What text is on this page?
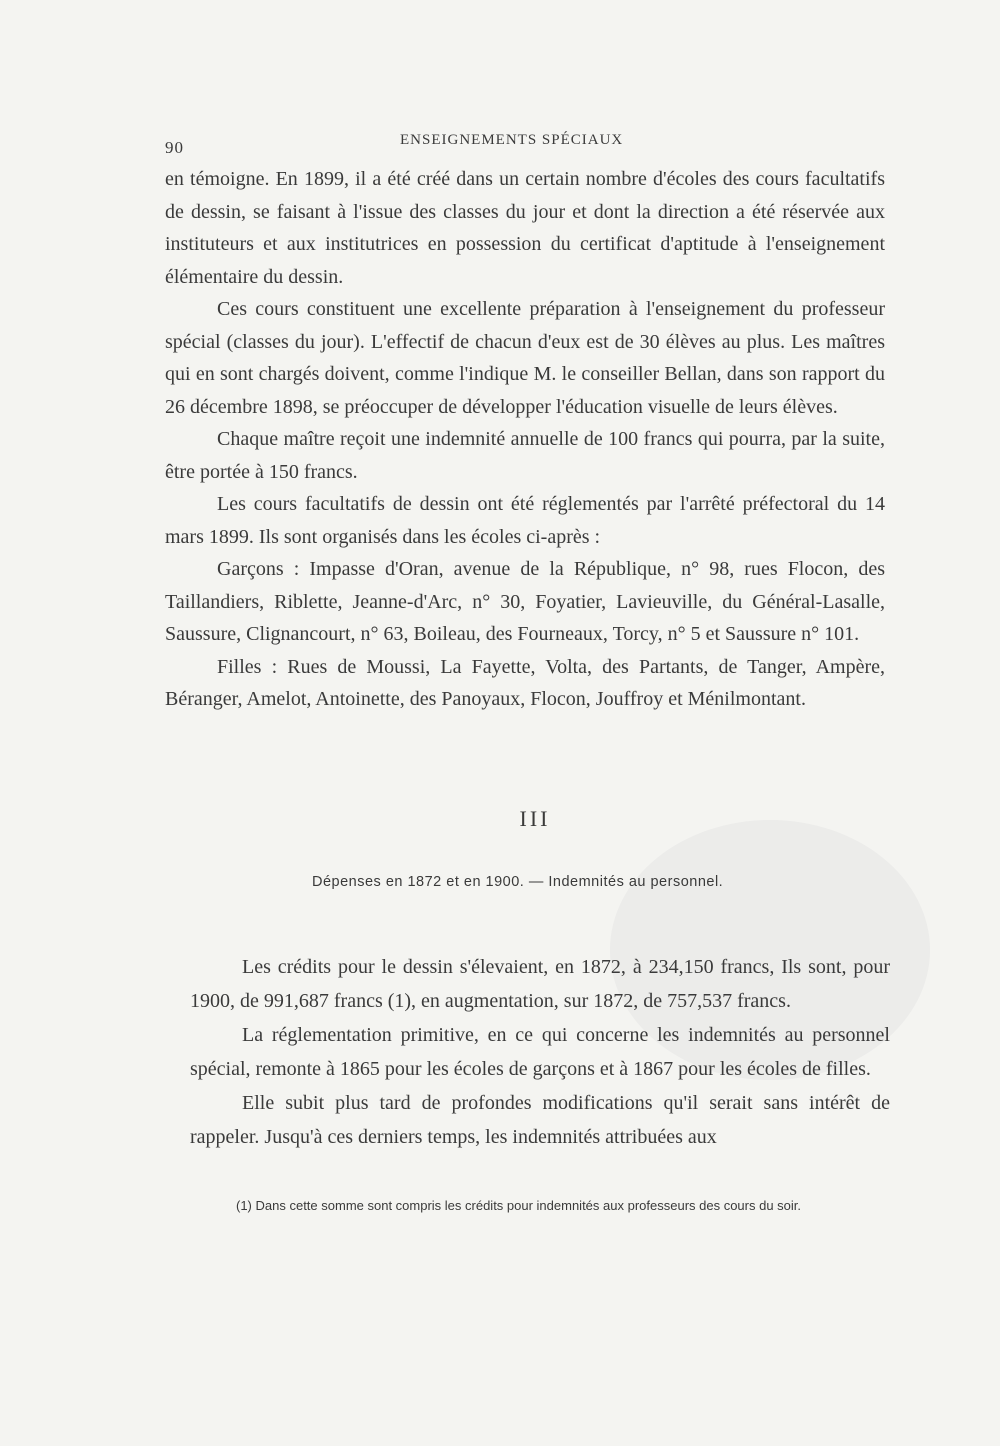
90	ENSEIGNEMENTS SPÉCIAUX

en témoigne. En 1899, il a été créé dans un certain nombre d'écoles des cours facultatifs de dessin, se faisant à l'issue des classes du jour et dont la direction a été réservée aux instituteurs et aux institutrices en possession du certificat d'aptitude à l'enseignement élémentaire du dessin.

Ces cours constituent une excellente préparation à l'enseignement du professeur spécial (classes du jour). L'effectif de chacun d'eux est de 30 élèves au plus. Les maîtres qui en sont chargés doivent, comme l'indique M. le conseiller Bellan, dans son rapport du 26 décembre 1898, se préoccuper de développer l'éducation visuelle de leurs élèves.

Chaque maître reçoit une indemnité annuelle de 100 francs qui pourra, par la suite, être portée à 150 francs.

Les cours facultatifs de dessin ont été réglementés par l'arrêté préfectoral du 14 mars 1899. Ils sont organisés dans les écoles ci-après :

Garçons : Impasse d'Oran, avenue de la République, n° 98, rues Flocon, des Taillandiers, Riblette, Jeanne-d'Arc, n° 30, Foyatier, Lavieuville, du Général-Lasalle, Saussure, Clignancourt, n° 63, Boileau, des Fourneaux, Torcy, n° 5 et Saussure n° 101.

Filles : Rues de Moussi, La Fayette, Volta, des Partants, de Tanger, Ampère, Béranger, Amelot, Antoinette, des Panoyaux, Flocon, Jouffroy et Ménilmontant.

III
Dépenses en 1872 et en 1900. — Indemnités au personnel.

Les crédits pour le dessin s'élevaient, en 1872, à 234,150 francs, Ils sont, pour 1900, de 991,687 francs (1), en augmentation, sur 1872, de 757,537 francs.

La réglementation primitive, en ce qui concerne les indemnités au personnel spécial, remonte à 1865 pour les écoles de garçons et à 1867 pour les écoles de filles.

Elle subit plus tard de profondes modifications qu'il serait sans intérêt de rappeler. Jusqu'à ces derniers temps, les indemnités attribuées aux

(1) Dans cette somme sont compris les crédits pour indemnités aux professeurs des cours du soir.
